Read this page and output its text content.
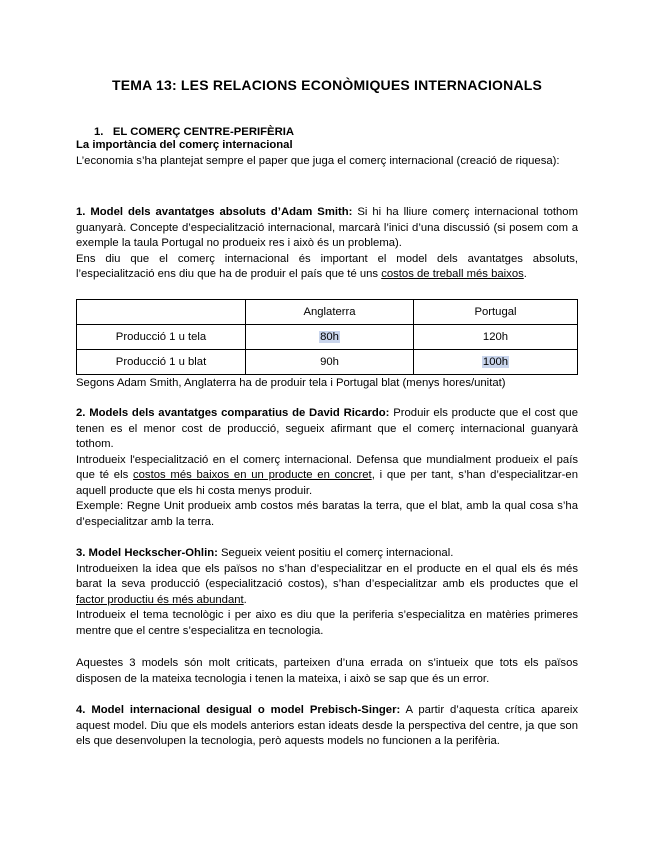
TEMA 13: LES RELACIONS ECONÒMIQUES INTERNACIONALS

1. EL COMERÇ CENTRE-PERIFÈRIA

La importància del comerç internacional

L’economia s’ha plantejat sempre el paper que juga el comerç internacional (creació de riquesa):

1. Model dels avantatges absoluts d’Adam Smith: Si hi ha lliure comerç internacional tothom guanyarà. Concepte d’especialització internacional, marcarà l’inici d’una discussió (si posem com a exemple la taula Portugal no produeix res i això és un problema).

Ens diu que el comerç internacional és important el model dels avantatges absoluts, l’especialització ens diu que ha de produir el país que té uns costos de treball més baixos.

	Anglaterra	Portugal
Producció 1 u tela	80h	120h
Producció 1 u blat	90h	100h

Segons Adam Smith, Anglaterra ha de produir tela i Portugal blat (menys hores/unitat)

2. Models dels avantatges comparatius de David Ricardo: Produir els producte que el cost que tenen es el menor cost de producció, segueix afirmant que el comerç internacional guanyarà tothom.

Introdueix l'especialització en el comerç internacional. Defensa que mundialment produeix el país que té els costos més baixos en un producte en concret, i que per tant, s’han d’especialitzar-en aquell producte que els hi costa menys produir.

Exemple: Regne Unit produeix amb costos més baratas la terra, que el blat, amb la qual cosa s’ha d’especialitzar amb la terra.

3. Model Heckscher-Ohlin: Segueix veient positiu el comerç internacional.

Introdueixen la idea que els països no s’han d’especialitzar en el producte en el qual els és més barat la seva producció (especialització costos), s’han d’especialitzar amb els productes que el factor productiu és més abundant.

Introdueix el tema tecnològic i per aixo es diu que la periferia s’especialitza en matèries primeres mentre que el centre s’especialitza en tecnologia.

Aquestes 3 models són molt criticats, parteixen d’una errada on s’intueix que tots els països disposen de la mateixa tecnologia i tenen la mateixa, i això se sap que és un error.

4. Model internacional desigual o model Prebisch-Singer: A partir d’aquesta crítica apareix aquest model. Diu que els models anteriors estan ideats desde la perspectiva del centre, ja que son els que desenvolupen la tecnologia, però aquests models no funcionen a la perifèria.
